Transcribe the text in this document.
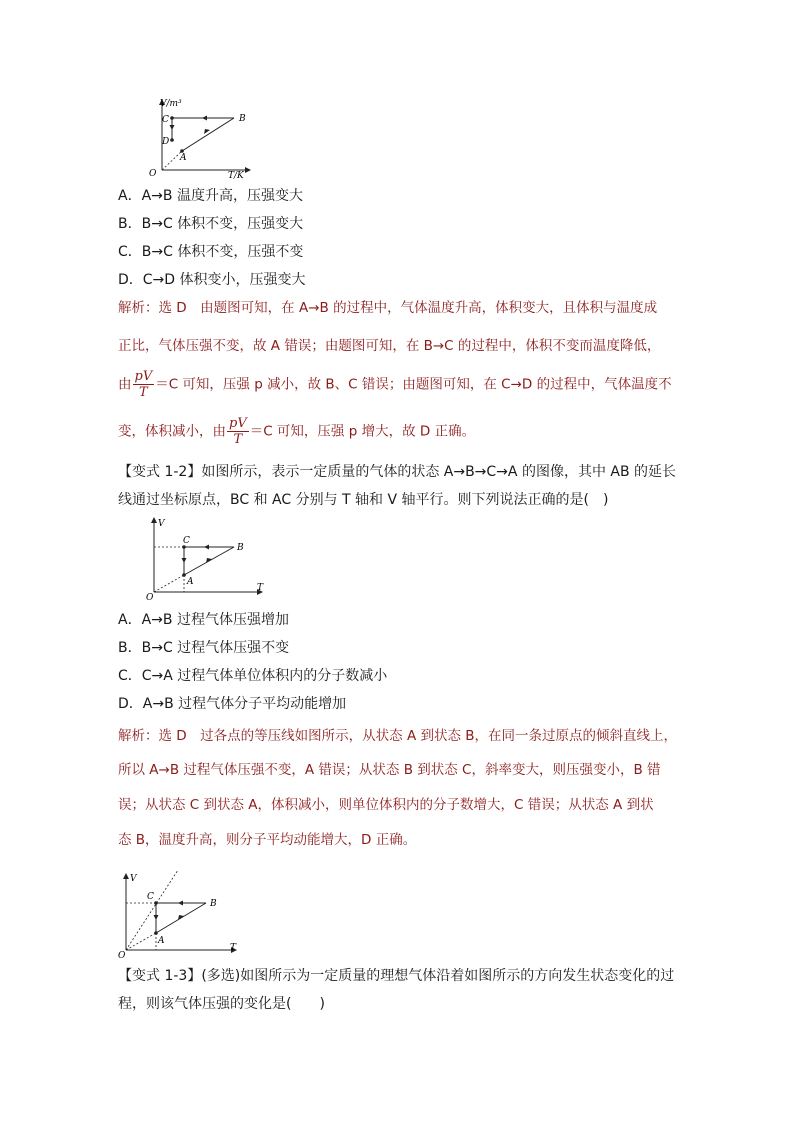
V/m³
T/K
O
C
D
A
B
A．A→B 温度升高，压强变大
B．B→C 体积不变，压强变大
C．B→C 体积不变，压强不变
D．C→D 体积变小，压强变大
解析：选 D　由题图可知，在 A→B 的过程中，气体温度升高，体积变大，且体积与温度成
正比，气体压强不变，故 A 错误；由题图可知，在 B→C 的过程中，体积不变而温度降低，
由 $\frac{pV}{T} =C$ 可知，压强 p 减小，故 B、C 错误；由题图可知，在 C→D 的过程中，气体温度不
变，体积减小，由 $\frac{pV}{T} =C$ 可知，压强 p 增大，故 D 正确。
【变式 1-2】如图所示，表示一定质量的气体的状态 A→B→C→A 的图像，其中 AB 的延长
线通过坐标原点，BC 和 AC 分别与 T 轴和 V 轴平行。则下列说法正确的是(　)
V
T
O
C
A
B
A．A→B 过程气体压强增加
B．B→C 过程气体压强不变
C．C→A 过程气体单位体积内的分子数减小
D．A→B 过程气体分子平均动能增加
解析：选 D　过各点的等压线如图所示，从状态 A 到状态 B，在同一条过原点的倾斜直线上，
所以 A→B 过程气体压强不变，A 错误；从状态 B 到状态 C，斜率变大，则压强变小，B 错
误；从状态 C 到状态 A，体积减小，则单位体积内的分子数增大，C 错误；从状态 A 到状
态 B，温度升高，则分子平均动能增大，D 正确。
V
T
O
C
A
B
【变式 1-3】(多选)如图所示为一定质量的理想气体沿着如图所示的方向发生状态变化的过
程，则该气体压强的变化是(　　)
